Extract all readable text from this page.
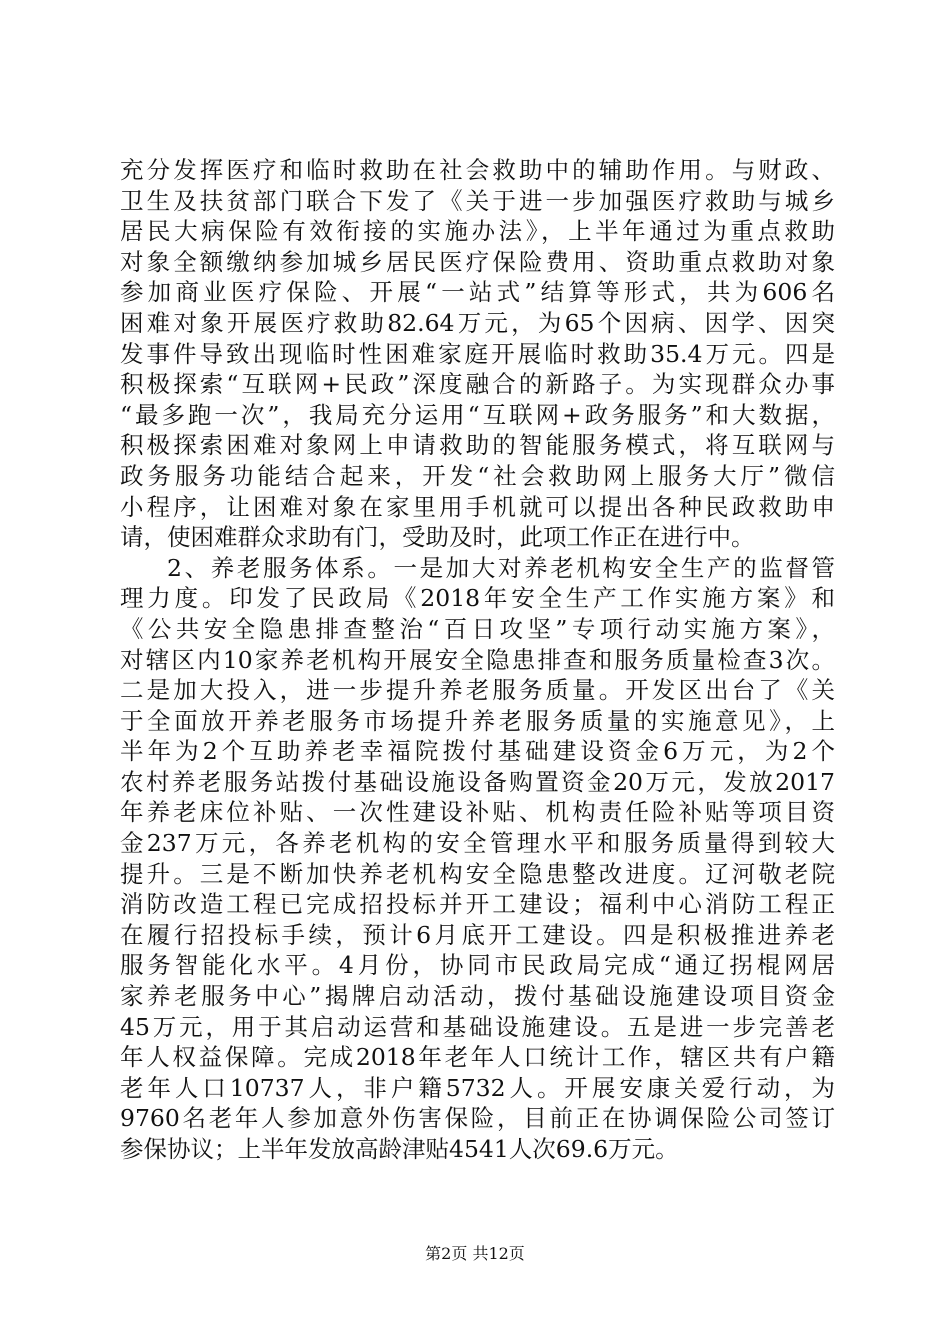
充分发挥医疗和临时救助在社会救助中的辅助作用。与财政、
卫生及扶贫部门联合下发了《关于进一步加强医疗救助与城乡
居民大病保险有效衔接的实施办法》，上半年通过为重点救助
对象全额缴纳参加城乡居民医疗保险费用、资助重点救助对象
参加商业医疗保险、开展“一站式”结算等形式，共为606名
困难对象开展医疗救助82.64万元，为65个因病、因学、因突
发事件导致出现临时性困难家庭开展临时救助35.4万元。四是
积极探索“互联网+民政”深度融合的新路子。为实现群众办事
“最多跑一次”，我局充分运用“互联网+政务服务”和大数据，
积极探索困难对象网上申请救助的智能服务模式，将互联网与
政务服务功能结合起来，开发“社会救助网上服务大厅”微信
小程序，让困难对象在家里用手机就可以提出各种民政救助申
请，使困难群众求助有门，受助及时，此项工作正在进行中。
2、养老服务体系。一是加大对养老机构安全生产的监督管
理力度。印发了民政局《2018年安全生产工作实施方案》和
《公共安全隐患排查整治“百日攻坚”专项行动实施方案》，
对辖区内10家养老机构开展安全隐患排查和服务质量检查3次。
二是加大投入，进一步提升养老服务质量。开发区出台了《关
于全面放开养老服务市场提升养老服务质量的实施意见》，上
半年为2个互助养老幸福院拨付基础建设资金6万元，为2个
农村养老服务站拨付基础设施设备购置资金20万元，发放2017
年养老床位补贴、一次性建设补贴、机构责任险补贴等项目资
金237万元，各养老机构的安全管理水平和服务质量得到较大
提升。三是不断加快养老机构安全隐患整改进度。辽河敬老院
消防改造工程已完成招投标并开工建设；福利中心消防工程正
在履行招投标手续，预计6月底开工建设。四是积极推进养老
服务智能化水平。4月份，协同市民政局完成“通辽拐棍网居
家养老服务中心”揭牌启动活动，拨付基础设施建设项目资金
45万元，用于其启动运营和基础设施建设。五是进一步完善老
年人权益保障。完成2018年老年人口统计工作，辖区共有户籍
老年人口10737人，非户籍5732人。开展安康关爱行动，为
9760名老年人参加意外伤害保险，目前正在协调保险公司签订
参保协议；上半年发放高龄津贴4541人次69.6万元。
第2页 共12页
